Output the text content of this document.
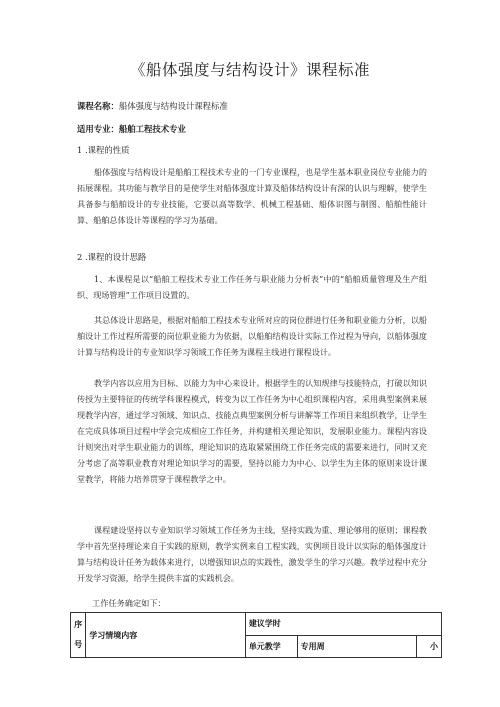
《船体强度与结构设计》课程标准
课程名称：船体强度与结构设计课程标准
适用专业：船舶工程技术专业
1 .课程的性质

船体强度与结构设计是船舶工程技术专业的一门专业课程，也是学生基本职业岗位专业能力的拓展课程。其功能与教学目的是使学生对船体强度计算及船体结构设计有深的认识与理解，使学生具备参与船舶设计的专业技能，它要以高等数学、机械工程基础、船体识图与制图、船舶性能计算、船舶总体设计等课程的学习为基础。

2 .课程的设计思路

1、本课程是以“船舶工程技术专业工作任务与职业能力分析表”中的“船舶质量管理及生产组织、现场管理”工作项目设置的。

其总体设计思路是，根据对船舶工程技术专业所对应的岗位群进行任务和职业能力分析，以船舶设计工作过程所需要的岗位职业能力为依据，以船舶结构设计实际工作过程为导向，以船体强度计算与结构设计的专业知识学习领域工作任务为课程主线进行课程设计。

教学内容以应用为目标、以能力为中心来设计。根据学生的认知规律与技能特点，打破以知识传授为主要特征的传统学科课程模式，转变为以工作任务为中心组织课程内容，采用典型案例来展现教学内容，通过学习领域、知识点、技能点典型案例分析与讲解等工作项目来组织教学，让学生在完成具体项目过程中学会完成相应工作任务，并构建相关理论知识，发展职业能力。课程内容设计则突出对学生职业能力的训练，理论知识的选取紧紧围绕工作任务完成的需要来进行，同时又充分考虑了高等职业教育对理论知识学习的需要，坚持以能力为中心、以学生为主体的原则来设计课堂教学，将能力培养贯穿于课程教学之中。

课程建设坚持以专业知识学习领域工作任务为主线，坚持实践为重、理论够用的原则；课程教学中首先坚持理论来自于实践的原则，教学实例来自工程实践，实例项目设计以实际的船体强度计算与结构设计任务为载体来进行，以增强知识点的实践性，激发学生的学习兴趣。教学过程中充分开发学习资源，给学生提供丰富的实践机会。

工作任务确定如下：
序
号	学习情境内容	建议学时		
		单元教学	专用周	小
